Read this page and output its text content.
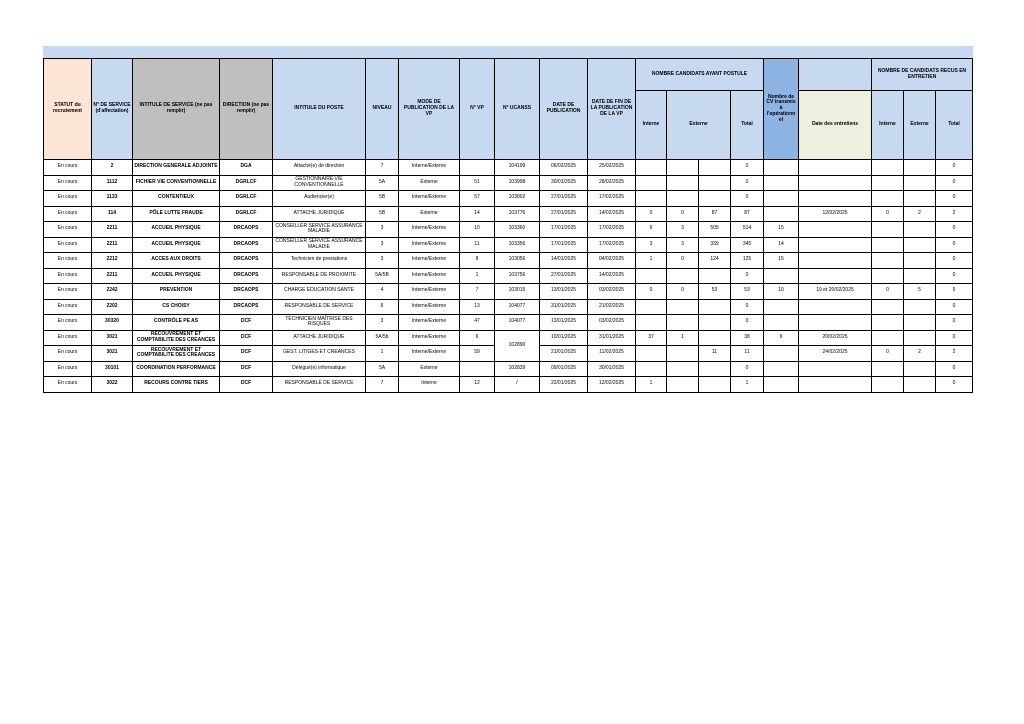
STATUT du recrutement	N° DE SERVICE (d'affectation)	INTITULE DE SERVICE (ne pas remplir)	DIRECTION (ne pas remplir)	INTITULE DU POSTE	NIVEAU	MODE DE PUBLICATION DE LA VP	N° VP	N° UCANSS	DATE DE PUBLICATION	DATE DE FIN DE LA PUBLICATION DE LA VP	NOMBRE CANDIDATS AYANT POSTULE				Nombre de CV transmis à l'opérationn el		NOMBRE DE CANDIDATS RECUS EN ENTRETIEN		
											Interne	Externe		Total		Date des entretiens	Interne	Externe	Total
En cours	2	DIRECTION GENERALE ADJOINTE	DGA	Attaché(e) de direction	7	Interne/Externe		104199	06/02/2025	25/02/2025				0					0
En cours	1112	FICHIER VIE CONVENTIONNELLE	DGRLCF	GESTIONNAIRE VIE CONVENTIONNELLE	5A	Externe	51	103998	30/01/2025	28/02/2025				0					0
En cours	1133	CONTENTIEUX	DGRLCF	Audiencier(e)	5B	Interne/Externe	57	103802	27/01/2025	17/02/2025				0					0
En cours	114	PÔLE LUTTE FRAUDE	DGRLCF	ATTACHE JURIDIQUE	5B	Externe	14	103776	27/01/2025	14/02/2025	0	0	87	87		12/02/2025	0	2	2
En cours	2211	ACCUEIL PHYSIQUE	DRCAOPS	CONSEILLER SERVICE ASSURANCE MALADIE	3	Interne/Externe	10	103360	17/01/2025	17/02/2025	6	3	505	514	15				0
En cours	2211	ACCUEIL PHYSIQUE	DRCAOPS	CONSEILLER SERVICE ASSURANCE MALADIE	3	Interne/Externe	11	103356	17/01/2025	17/02/2025	3	3	339	345	14				0
En cours	2212	ACCES AUX DROITS	DRCAOPS	Technicien de prestations	3	Interne/Externe	8	103056	14/01/2025	04/02/2025	1	0	124	125	15				0
En cours	2211	ACCUEIL PHYSIQUE	DRCAOPS	RESPONSABLE DE PROXIMITE	5A/5B	Interne/Externe	1	103756	27/01/2025	14/02/2025				0					0
En cours	2242	PREVENTION	DRCAOPS	CHARGE EDUCATION SANTE	4	Interne/Externe	7	103015	13/01/2025	03/02/2025	0	0	53	53	10	19 et 20/02/2025	0	5	5
En cours	2202	CS CHOISY	DRCAOPS	RESPONSABLE DE SERVICE	6	Interne/Externe	13	104077	31/01/2025	21/02/2025				0					0
En cours	30320	CONTRÔLE PE AS	DCF	TECHNICIEN MAÎTRISE DES RISQUES	3	Interne/Externe	47	104077	13/01/2025	03/02/2025				0					0
En cours	3021	RECOUVREMENT ET COMPTABILITE DES CREANCES	DCF	ATTACHE JURIDIQUE	5A/5b	Interne/Externe	6	102890	10/01/2025	31/01/2025	37	1		38	9	20/02/2025			0
En cours	3021	RECOUVREMENT ET COMPTABILITE DES CREANCES	DCF	GEST. LITIGES ET CREANCES	1	Interne/Externe	59		21/01/2025	11/02/2025			11	11		24/02/2025	0	2	2
En cours	30101	COORDINATION PERFORMANCE	DCF	Délégué(e) informatique	5A	Externe		102839	09/01/2025	30/01/2025				0					0
En cours	3022	RECOURS CONTRE TIERS	DCF	RESPONSABLE DE SERVICE	7	Interne	12	/	22/01/2025	12/02/2025	1			1					0
